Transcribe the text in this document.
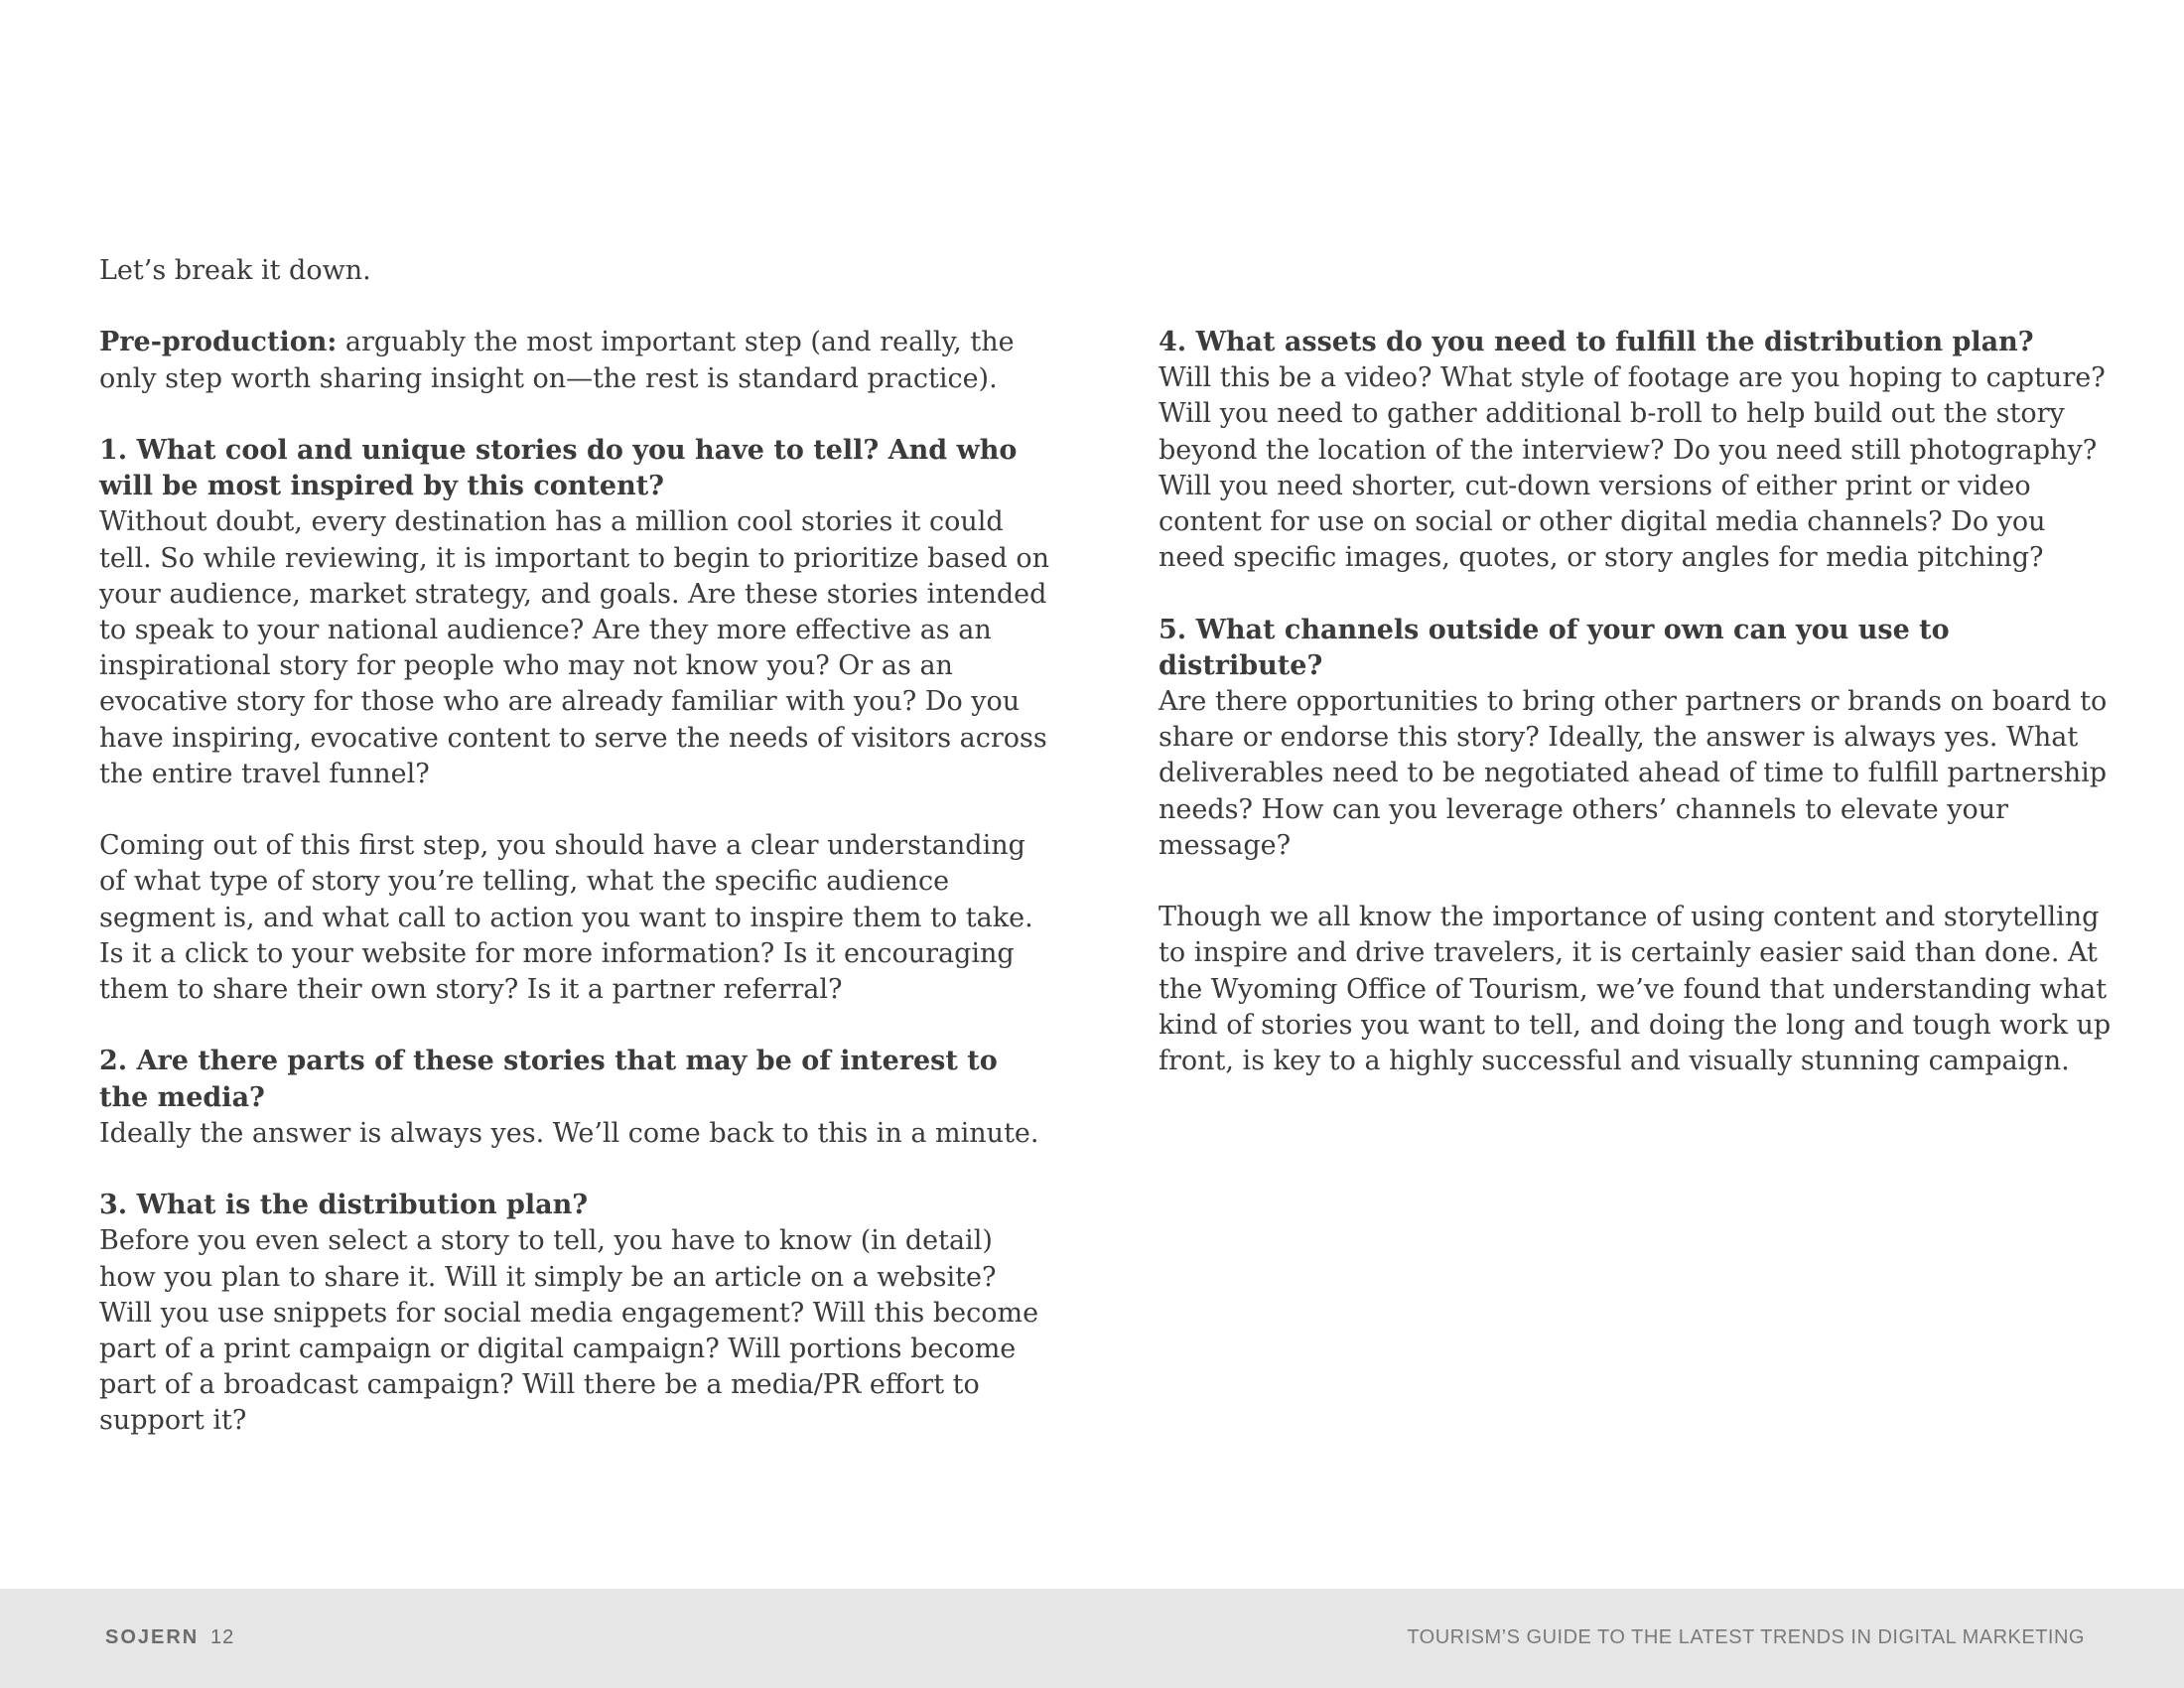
Let’s break it down.

Pre-production: arguably the most important step (and really, the only step worth sharing insight on—the rest is standard practice).

1. What cool and unique stories do you have to tell? And who will be most inspired by this content?
Without doubt, every destination has a million cool stories it could tell. So while reviewing, it is important to begin to prioritize based on your audience, market strategy, and goals. Are these stories intended to speak to your national audience? Are they more effective as an inspirational story for people who may not know you? Or as an evocative story for those who are already familiar with you? Do you have inspiring, evocative content to serve the needs of visitors across the entire travel funnel?

Coming out of this first step, you should have a clear understanding of what type of story you’re telling, what the specific audience segment is, and what call to action you want to inspire them to take. Is it a click to your website for more information? Is it encouraging them to share their own story? Is it a partner referral?

2. Are there parts of these stories that may be of interest to the media?
Ideally the answer is always yes. We’ll come back to this in a minute.

3. What is the distribution plan?
Before you even select a story to tell, you have to know (in detail) how you plan to share it. Will it simply be an article on a website? Will you use snippets for social media engagement? Will this become part of a print campaign or digital campaign? Will portions become part of a broadcast campaign? Will there be a media/PR effort to support it?

4. What assets do you need to fulfill the distribution plan?
Will this be a video? What style of footage are you hoping to capture? Will you need to gather additional b-roll to help build out the story beyond the location of the interview? Do you need still photography? Will you need shorter, cut-down versions of either print or video content for use on social or other digital media channels? Do you need specific images, quotes, or story angles for media pitching?

5. What channels outside of your own can you use to distribute?
Are there opportunities to bring other partners or brands on board to share or endorse this story? Ideally, the answer is always yes. What deliverables need to be negotiated ahead of time to fulfill partnership needs? How can you leverage others’ channels to elevate your message?

Though we all know the importance of using content and storytelling to inspire and drive travelers, it is certainly easier said than done. At the Wyoming Office of Tourism, we’ve found that understanding what kind of stories you want to tell, and doing the long and tough work up front, is key to a highly successful and visually stunning campaign.

SOJERN 12	TOURISM’S GUIDE TO THE LATEST TRENDS IN DIGITAL MARKETING
